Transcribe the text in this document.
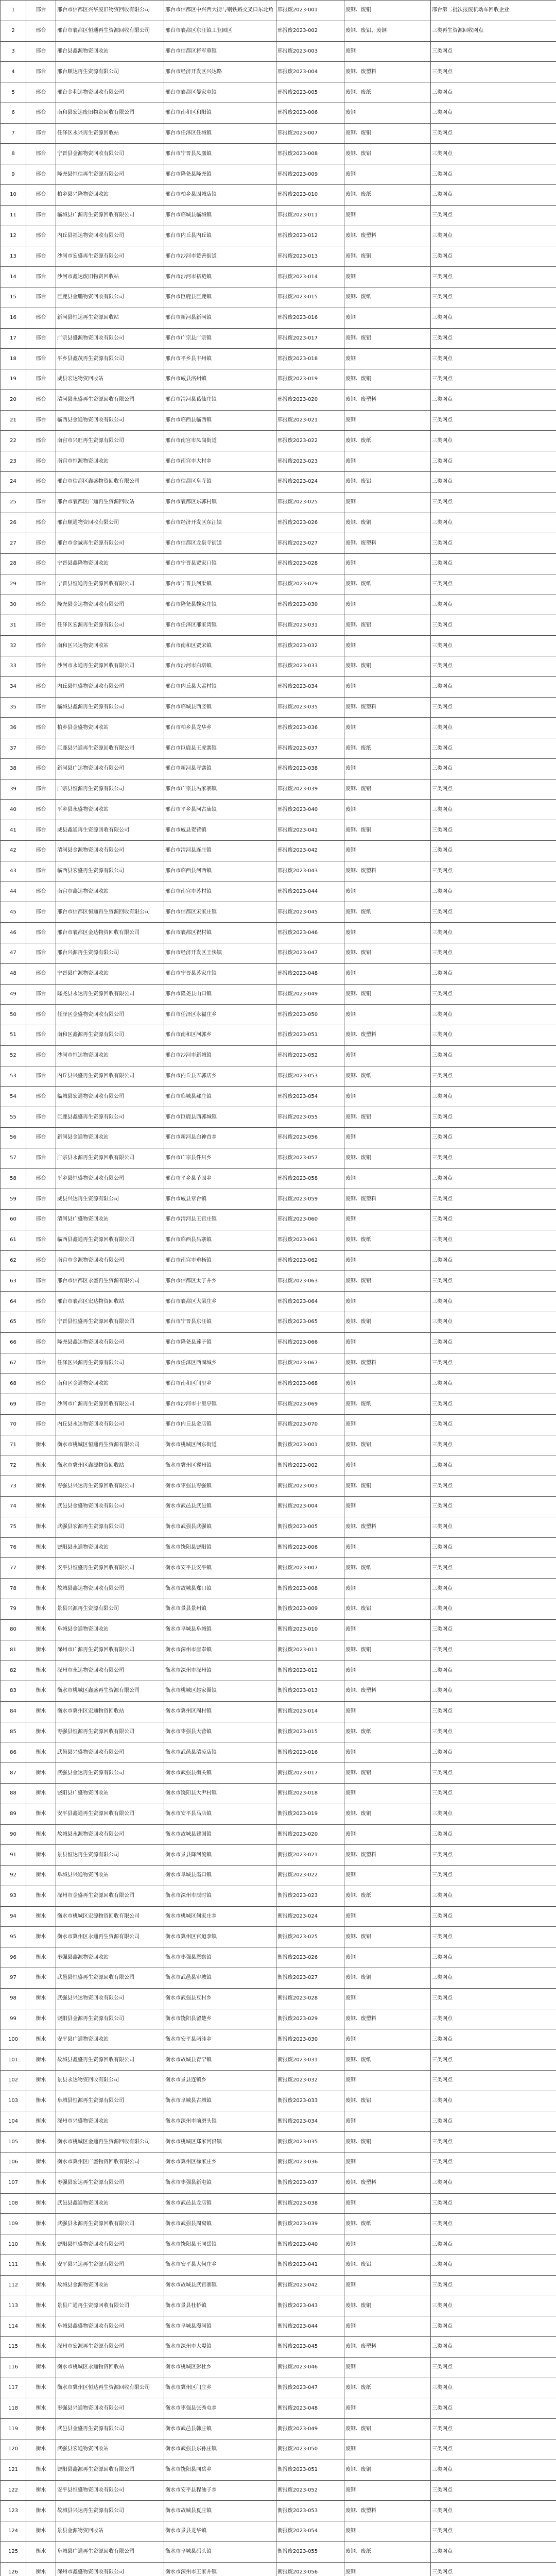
1	邢台	邢台市信都区兴华废旧物资回收有限公司	邢台市信都区中兴西大街与钢铁路交叉口东北角	邢报废2023-001	废钢、废铜	邢台第二批次报废机动车回收企业
2	邢台	邢台市襄都区恒通再生资源回收有限公司	邢台市襄都区东汪镇工业园区	邢报废2023-002	废钢、废铝、废铜	三类再生资源回收网点
3	邢台	邢台县鑫源物资回收站	邢台市信都区将军墓镇	邢报废2023-003	废钢	三类网点
4	邢台	邢台顺达再生资源有限公司	邢台市经济开发区兴达路	邢报废2023-004	废钢、废塑料	三类网点
5	邢台	邢台金利达物资回收有限公司	邢台市襄都区晏家屯镇	邢报废2023-005	废钢、废纸	三类网点
6	邢台	南和县宏达废旧物资回收有限公司	邢台市南和区和阳镇	邢报废2023-006	废钢	三类网点
7	邢台	任泽区永兴再生资源回收站	邢台市任泽区任城镇	邢报废2023-007	废钢、废铜	三类网点
8	邢台	宁晋县金源物资回收有限公司	邢台市宁晋县凤凰镇	邢报废2023-008	废钢、废铝	三类网点
9	邢台	隆尧县恒信再生资源有限公司	邢台市隆尧县隆尧镇	邢报废2023-009	废钢	三类网点
10	邢台	柏乡县兴隆物资回收站	邢台市柏乡县固城店镇	邢报废2023-010	废钢、废纸	三类网点
11	邢台	临城县广源再生资源回收有限公司	邢台市临城县临城镇	邢报废2023-011	废钢	三类网点
12	邢台	内丘县福达物资回收有限公司	邢台市内丘县内丘镇	邢报废2023-012	废钢、废塑料	三类网点
13	邢台	沙河市宏盛再生资源有限公司	邢台市沙河市赞善街道	邢报废2023-013	废钢、废铜	三类网点
14	邢台	沙河市鑫达废旧物资回收站	邢台市沙河市褡裢镇	邢报废2023-014	废钢	三类网点
15	邢台	巨鹿县金鹏物资回收有限公司	邢台市巨鹿县巨鹿镇	邢报废2023-015	废钢、废纸	三类网点
16	邢台	新河县恒达再生资源回收站	邢台市新河县新河镇	邢报废2023-016	废钢	三类网点
17	邢台	广宗县盛源物资回收有限公司	邢台市广宗县广宗镇	邢报废2023-017	废钢、废铝	三类网点
18	邢台	平乡县鑫茂再生资源有限公司	邢台市平乡县丰州镇	邢报废2023-018	废钢	三类网点
19	邢台	威县宏达物资回收站	邢台市威县洺州镇	邢报废2023-019	废钢、废铜	三类网点
20	邢台	清河县永盛再生资源回收有限公司	邢台市清河县葛仙庄镇	邢报废2023-020	废钢、废塑料	三类网点
21	邢台	临西县金通物资回收有限公司	邢台市临西县临西镇	邢报废2023-021	废钢	三类网点
22	邢台	南宫市兴旺再生资源有限公司	邢台市南宫市凤岗街道	邢报废2023-022	废钢、废纸	三类网点
23	邢台	南宫市恒源物资回收站	邢台市南宫市大村乡	邢报废2023-023	废钢	三类网点
24	邢台	邢台市信都区鑫盛物资回收有限公司	邢台市信都区皇寺镇	邢报废2023-024	废钢、废铝	三类网点
25	邢台	邢台市襄都区广通再生资源回收站	邢台市襄都区东郭村镇	邢报废2023-025	废钢	三类网点
26	邢台	邢台顺通物资回收有限公司	邢台市经济开发区东汪镇	邢报废2023-026	废钢、废铜	三类网点
27	邢台	邢台市金诚再生资源有限公司	邢台市信都区龙泉寺街道	邢报废2023-027	废钢、废塑料	三类网点
28	邢台	宁晋县鑫隆物资回收站	邢台市宁晋县贾家口镇	邢报废2023-028	废钢	三类网点
29	邢台	宁晋县恒通再生资源回收有限公司	邢台市宁晋县河渠镇	邢报废2023-029	废钢、废纸	三类网点
30	邢台	隆尧县金达物资回收有限公司	邢台市隆尧县魏家庄镇	邢报废2023-030	废钢	三类网点
31	邢台	任泽区宏源再生资源有限公司	邢台市任泽区邢家湾镇	邢报废2023-031	废钢、废铝	三类网点
32	邢台	南和区兴达物资回收站	邢台市南和区贾宋镇	邢报废2023-032	废钢	三类网点
33	邢台	沙河市永通再生资源回收有限公司	邢台市沙河市白塔镇	邢报废2023-033	废钢、废铜	三类网点
34	邢台	内丘县恒盛物资回收有限公司	邢台市内丘县大孟村镇	邢报废2023-034	废钢	三类网点
35	邢台	临城县鑫源再生资源有限公司	邢台市临城县西竖镇	邢报废2023-035	废钢、废塑料	三类网点
36	邢台	柏乡县金盛物资回收站	邢台市柏乡县龙华乡	邢报废2023-036	废钢	三类网点
37	邢台	巨鹿县兴通再生资源回收有限公司	邢台市巨鹿县王虎寨镇	邢报废2023-037	废钢、废纸	三类网点
38	邢台	新河县广达物资回收有限公司	邢台市新河县寻寨镇	邢报废2023-038	废钢	三类网点
39	邢台	广宗县恒源再生资源有限公司	邢台市广宗县冯家寨镇	邢报废2023-039	废钢、废铝	三类网点
40	邢台	平乡县永盛物资回收站	邢台市平乡县河古庙镇	邢报废2023-040	废钢	三类网点
41	邢台	威县鑫通再生资源回收有限公司	邢台市威县贺营镇	邢报废2023-041	废钢、废铜	三类网点
42	邢台	清河县金源物资回收有限公司	邢台市清河县连庄镇	邢报废2023-042	废钢	三类网点
43	邢台	临西县宏盛再生资源有限公司	邢台市临西县河西镇	邢报废2023-043	废钢、废塑料	三类网点
44	邢台	南宫市鑫达物资回收站	邢台市南宫市苏村镇	邢报废2023-044	废钢	三类网点
45	邢台	邢台市信都区恒通再生资源回收有限公司	邢台市信都区宋家庄镇	邢报废2023-045	废钢、废纸	三类网点
46	邢台	邢台市襄都区金达物资回收有限公司	邢台市襄都区祝村镇	邢报废2023-046	废钢	三类网点
47	邢台	邢台兴源再生资源有限公司	邢台市经济开发区王快镇	邢报废2023-047	废钢、废铝	三类网点
48	邢台	宁晋县广源物资回收站	邢台市宁晋县苏家庄镇	邢报废2023-048	废钢	三类网点
49	邢台	隆尧县永达再生资源回收有限公司	邢台市隆尧县山口镇	邢报废2023-049	废钢、废铜	三类网点
50	邢台	任泽区金盛物资回收有限公司	邢台市任泽区永福庄乡	邢报废2023-050	废钢	三类网点
51	邢台	南和区鑫源再生资源有限公司	邢台市南和区河郭乡	邢报废2023-051	废钢、废塑料	三类网点
52	邢台	沙河市恒达物资回收站	邢台市沙河市新城镇	邢报废2023-052	废钢	三类网点
53	邢台	内丘县兴盛再生资源回收有限公司	邢台市内丘县五郭店乡	邢报废2023-053	废钢、废纸	三类网点
54	邢台	临城县宏通物资回收有限公司	邢台市临城县郝庄镇	邢报废2023-054	废钢	三类网点
55	邢台	巨鹿县鑫盛再生资源有限公司	邢台市巨鹿县西郭城镇	邢报废2023-055	废钢、废铝	三类网点
56	邢台	新河县金通物资回收站	邢台市新河县白神首乡	邢报废2023-056	废钢	三类网点
57	邢台	广宗县永源再生资源回收有限公司	邢台市广宗县件只乡	邢报废2023-057	废钢、废铜	三类网点
58	邢台	平乡县恒盛物资回收有限公司	邢台市平乡县节固乡	邢报废2023-058	废钢	三类网点
59	邢台	威县兴达再生资源有限公司	邢台市威县章台镇	邢报废2023-059	废钢、废塑料	三类网点
60	邢台	清河县广盛物资回收站	邢台市清河县王官庄镇	邢报废2023-060	废钢	三类网点
61	邢台	临西县鑫通再生资源回收有限公司	邢台市临西县吕寨镇	邢报废2023-061	废钢、废纸	三类网点
62	邢台	南宫市金源物资回收有限公司	邢台市南宫市垂杨镇	邢报废2023-062	废钢	三类网点
63	邢台	邢台市信都区永盛再生资源有限公司	邢台市信都区太子井乡	邢报废2023-063	废钢、废铝	三类网点
64	邢台	邢台市襄都区宏达物资回收站	邢台市襄都区大梁庄乡	邢报废2023-064	废钢	三类网点
65	邢台	宁晋县恒盛再生资源回收有限公司	邢台市宁晋县东汪镇	邢报废2023-065	废钢、废铜	三类网点
66	邢台	隆尧县鑫达物资回收有限公司	邢台市隆尧县莲子镇	邢报废2023-066	废钢	三类网点
67	邢台	任泽区兴源再生资源有限公司	邢台市任泽区西固城乡	邢报废2023-067	废钢、废塑料	三类网点
68	邢台	南和区金通物资回收站	邢台市南和区闫里乡	邢报废2023-068	废钢	三类网点
69	邢台	沙河市广源再生资源回收有限公司	邢台市沙河市十里亭镇	邢报废2023-069	废钢、废纸	三类网点
70	邢台	内丘县永达物资回收有限公司	邢台市内丘县金店镇	邢报废2023-070	废钢	三类网点
71	衡水	衡水市桃城区恒通再生资源有限公司	衡水市桃城区河东街道	衡报废2023-001	废钢、废铝	三类网点
72	衡水	衡水市冀州区鑫源物资回收站	衡水市冀州区冀州镇	衡报废2023-002	废钢	三类网点
73	衡水	枣强县兴达再生资源回收有限公司	衡水市枣强县枣强镇	衡报废2023-003	废钢、废铜	三类网点
74	衡水	武邑县金盛物资回收有限公司	衡水市武邑县武邑镇	衡报废2023-004	废钢	三类网点
75	衡水	武强县宏源再生资源有限公司	衡水市武强县武强镇	衡报废2023-005	废钢、废塑料	三类网点
76	衡水	饶阳县永通物资回收站	衡水市饶阳县饶阳镇	衡报废2023-006	废钢	三类网点
77	衡水	安平县恒盛再生资源回收有限公司	衡水市安平县安平镇	衡报废2023-007	废钢、废纸	三类网点
78	衡水	故城县鑫达物资回收有限公司	衡水市故城县郑口镇	衡报废2023-008	废钢	三类网点
79	衡水	景县兴源再生资源有限公司	衡水市景县景州镇	衡报废2023-009	废钢、废铝	三类网点
80	衡水	阜城县金通物资回收站	衡水市阜城县阜城镇	衡报废2023-010	废钢	三类网点
81	衡水	深州市广源再生资源回收有限公司	衡水市深州市唐奉镇	衡报废2023-011	废钢、废铜	三类网点
82	衡水	深州市永达物资回收有限公司	衡水市深州市深州镇	衡报废2023-012	废钢	三类网点
83	衡水	衡水市桃城区鑫盛再生资源有限公司	衡水市桃城区赵家圈镇	衡报废2023-013	废钢、废塑料	三类网点
84	衡水	衡水市冀州区宏通物资回收站	衡水市冀州区周村镇	衡报废2023-014	废钢	三类网点
85	衡水	枣强县恒源再生资源回收有限公司	衡水市枣强县大营镇	衡报废2023-015	废钢、废纸	三类网点
86	衡水	武邑县兴盛物资回收有限公司	衡水市武邑县清凉店镇	衡报废2023-016	废钢	三类网点
87	衡水	武强县金达再生资源有限公司	衡水市武强县街关镇	衡报废2023-017	废钢、废铝	三类网点
88	衡水	饶阳县广盛物资回收站	衡水市饶阳县大尹村镇	衡报废2023-018	废钢	三类网点
89	衡水	安平县鑫通再生资源回收有限公司	衡水市安平县马店镇	衡报废2023-019	废钢、废铜	三类网点
90	衡水	故城县永源物资回收有限公司	衡水市故城县建国镇	衡报废2023-020	废钢	三类网点
91	衡水	景县恒达再生资源有限公司	衡水市景县降河流镇	衡报废2023-021	废钢、废塑料	三类网点
92	衡水	阜城县兴通物资回收站	衡水市阜城县霞口镇	衡报废2023-022	废钢	三类网点
93	衡水	深州市金盛再生资源回收有限公司	衡水市深州市辰时镇	衡报废2023-023	废钢、废纸	三类网点
94	衡水	衡水市桃城区宏源物资回收有限公司	衡水市桃城区何家庄乡	衡报废2023-024	废钢	三类网点
95	衡水	衡水市冀州区永通再生资源有限公司	衡水市冀州区官道李镇	衡报废2023-025	废钢、废铝	三类网点
96	衡水	枣强县鑫源物资回收站	衡水市枣强县恩察镇	衡报废2023-026	废钢	三类网点
97	衡水	武邑县恒盛再生资源回收有限公司	衡水市武邑县审坡镇	衡报废2023-027	废钢、废铜	三类网点
98	衡水	武强县兴达物资回收有限公司	衡水市武强县豆村乡	衡报废2023-028	废钢	三类网点
99	衡水	饶阳县金源再生资源有限公司	衡水市饶阳县留楚乡	衡报废2023-029	废钢、废塑料	三类网点
100	衡水	安平县广通物资回收站	衡水市安平县两洼乡	衡报废2023-030	废钢	三类网点
101	衡水	故城县鑫盛再生资源回收有限公司	衡水市故城县青罕镇	衡报废2023-031	废钢、废纸	三类网点
102	衡水	景县永达物资回收有限公司	衡水市景县连镇乡	衡报废2023-032	废钢	三类网点
103	衡水	阜城县恒源再生资源有限公司	衡水市阜城县古城镇	衡报废2023-033	废钢、废铝	三类网点
104	衡水	深州市兴盛物资回收站	衡水市深州市前磨头镇	衡报废2023-034	废钢	三类网点
105	衡水	衡水市桃城区金通再生资源回收有限公司	衡水市桃城区郑家河沿镇	衡报废2023-035	废钢、废铜	三类网点
106	衡水	衡水市冀州区广盛物资回收有限公司	衡水市冀州区徐家庄乡	衡报废2023-036	废钢	三类网点
107	衡水	枣强县宏达再生资源有限公司	衡水市枣强县新屯镇	衡报废2023-037	废钢、废塑料	三类网点
108	衡水	武邑县鑫通物资回收站	衡水市武邑县龙店镇	衡报废2023-038	废钢	三类网点
109	衡水	武强县永源再生资源回收有限公司	衡水市武强县周窝镇	衡报废2023-039	废钢、废纸	三类网点
110	衡水	饶阳县恒盛物资回收有限公司	衡水市饶阳县王同岳镇	衡报废2023-040	废钢	三类网点
111	衡水	安平县兴达再生资源有限公司	衡水市安平县大何庄乡	衡报废2023-041	废钢、废铝	三类网点
112	衡水	故城县金源物资回收站	衡水市故城县武官寨镇	衡报废2023-042	废钢	三类网点
113	衡水	景县广通再生资源回收有限公司	衡水市景县杜桥镇	衡报废2023-043	废钢、废铜	三类网点
114	衡水	阜城县鑫盛物资回收有限公司	衡水市阜城县漫河镇	衡报废2023-044	废钢	三类网点
115	衡水	深州市宏源再生资源有限公司	衡水市深州市大堤镇	衡报废2023-045	废钢、废塑料	三类网点
116	衡水	衡水市桃城区永通物资回收站	衡水市桃城区彭杜乡	衡报废2023-046	废钢	三类网点
117	衡水	衡水市冀州区恒达再生资源回收有限公司	衡水市冀州区门庄乡	衡报废2023-047	废钢、废纸	三类网点
118	衡水	枣强县兴通物资回收有限公司	衡水市枣强县张秀屯乡	衡报废2023-048	废钢	三类网点
119	衡水	武邑县金盛再生资源有限公司	衡水市武邑县韩庄镇	衡报废2023-049	废钢、废铝	三类网点
120	衡水	武强县宏通物资回收站	衡水市武强县东孙庄镇	衡报废2023-050	废钢	三类网点
121	衡水	饶阳县鑫源再生资源回收有限公司	衡水市饶阳县同岳乡	衡报废2023-051	废钢、废铜	三类网点
122	衡水	安平县恒盛物资回收有限公司	衡水市安平县程油子乡	衡报废2023-052	废钢	三类网点
123	衡水	故城县兴达再生资源有限公司	衡水市故城县夏庄镇	衡报废2023-053	废钢、废塑料	三类网点
124	衡水	景县金源物资回收站	衡水市景县龙华镇	衡报废2023-054	废钢	三类网点
125	衡水	阜城县广通再生资源回收有限公司	衡水市阜城县码头镇	衡报废2023-055	废钢、废纸	三类网点
126	衡水	深州市鑫盛物资回收有限公司	衡水市深州市王家井镇	衡报废2023-056	废钢	三类网点
